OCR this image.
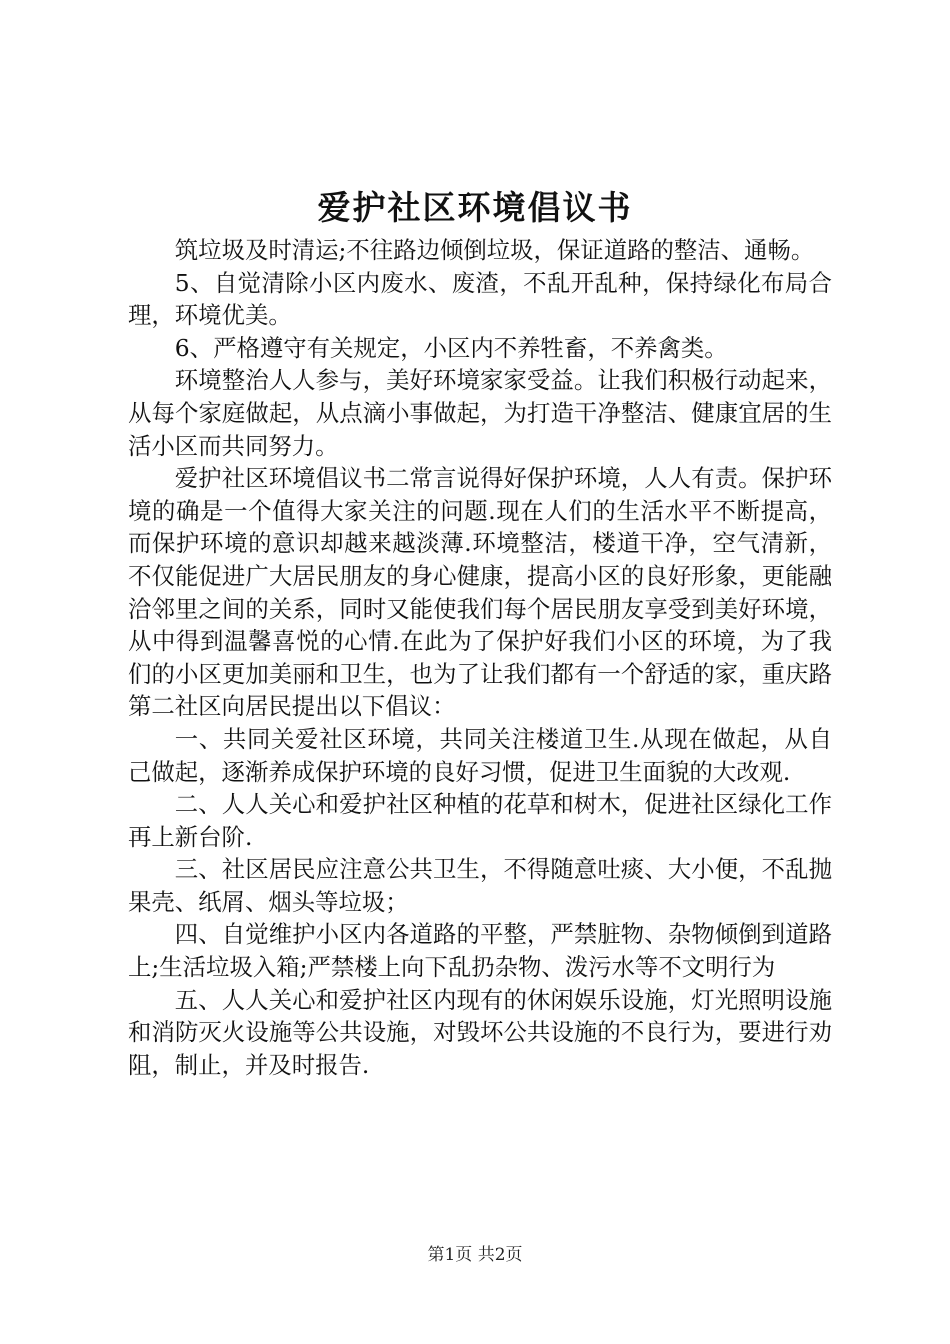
爱护社区环境倡议书

筑垃圾及时清运;不往路边倾倒垃圾，保证道路的整洁、通畅。

5、自觉清除小区内废水、废渣，不乱开乱种，保持绿化布局合理，环境优美。

6、严格遵守有关规定，小区内不养牲畜，不养禽类。

环境整治人人参与，美好环境家家受益。让我们积极行动起来，从每个家庭做起，从点滴小事做起，为打造干净整洁、健康宜居的生活小区而共同努力。

爱护社区环境倡议书二常言说得好保护环境，人人有责。保护环境的确是一个值得大家关注的问题.现在人们的生活水平不断提高，而保护环境的意识却越来越淡薄.环境整洁，楼道干净，空气清新，不仅能促进广大居民朋友的身心健康，提高小区的良好形象，更能融洽邻里之间的关系，同时又能使我们每个居民朋友享受到美好环境，从中得到温馨喜悦的心情.在此为了保护好我们小区的环境，为了我们的小区更加美丽和卫生，也为了让我们都有一个舒适的家，重庆路第二社区向居民提出以下倡议：

一、共同关爱社区环境，共同关注楼道卫生.从现在做起，从自己做起，逐渐养成保护环境的良好习惯，促进卫生面貌的大改观.

二、人人关心和爱护社区种植的花草和树木，促进社区绿化工作再上新台阶.

三、社区居民应注意公共卫生，不得随意吐痰、大小便，不乱抛果壳、纸屑、烟头等垃圾；

四、自觉维护小区内各道路的平整，严禁脏物、杂物倾倒到道路上;生活垃圾入箱;严禁楼上向下乱扔杂物、泼污水等不文明行为

五、人人关心和爱护社区内现有的休闲娱乐设施，灯光照明设施和消防灭火设施等公共设施，对毁坏公共设施的不良行为，要进行劝阻，制止，并及时报告.

第1页 共2页
